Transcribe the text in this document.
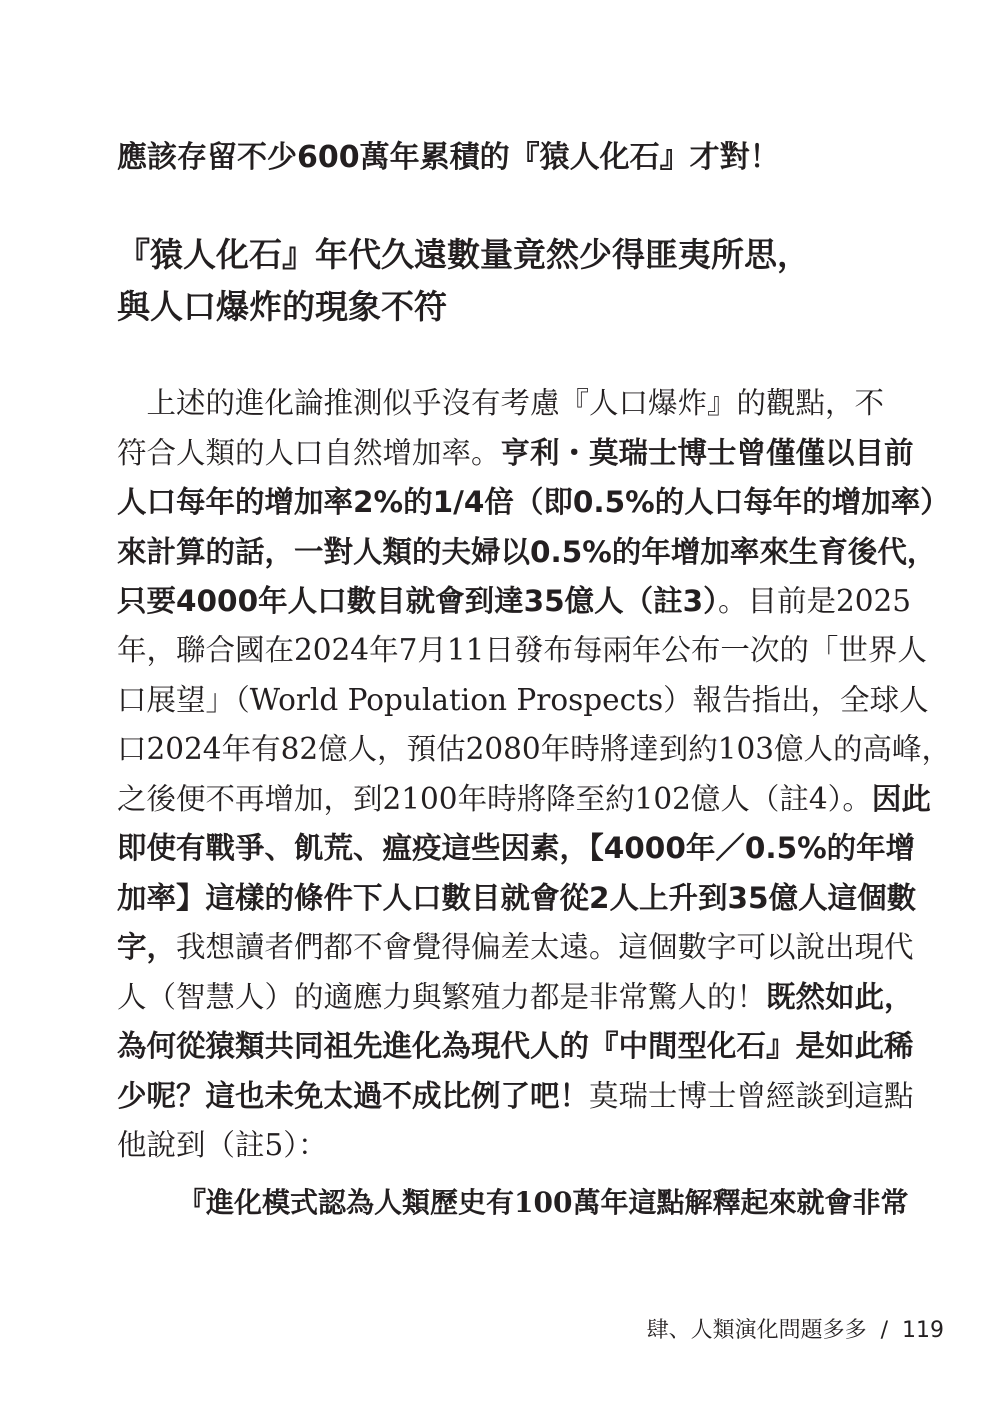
應該存留不少600萬年累積的『猿人化石』才對！
『猿人化石』年代久遠數量竟然少得匪夷所思，
與人口爆炸的現象不符
　上述的進化論推測似乎沒有考慮『人口爆炸』的觀點，不
符合人類的人口自然增加率。亨利・莫瑞士博士曾僅僅以目前
人口每年的增加率2%的1/4倍（即0.5%的人口每年的增加率）
來計算的話，一對人類的夫婦以0.5%的年增加率來生育後代，
只要4000年人口數目就會到達35億人（註3）。目前是2025
年，聯合國在2024年7月11日發布每兩年公布一次的「世界人
口展望」（World Population Prospects）報告指出，全球人
口2024年有82億人，預估2080年時將達到約103億人的高峰，
之後便不再增加，到2100年時將降至約102億人（註4）。因此
即使有戰爭、飢荒、瘟疫這些因素，【4000年／0.5%的年增
加率】這樣的條件下人口數目就會從2人上升到35億人這個數
字，我想讀者們都不會覺得偏差太遠。這個數字可以說出現代
人（智慧人）的適應力與繁殖力都是非常驚人的！既然如此，
為何從猿類共同祖先進化為現代人的『中間型化石』是如此稀
少呢？這也未免太過不成比例了吧！莫瑞士博士曾經談到這點
他說到（註5）：
『進化模式認為人類歷史有100萬年這點解釋起來就會非常
肆、人類演化問題多多 / 119
